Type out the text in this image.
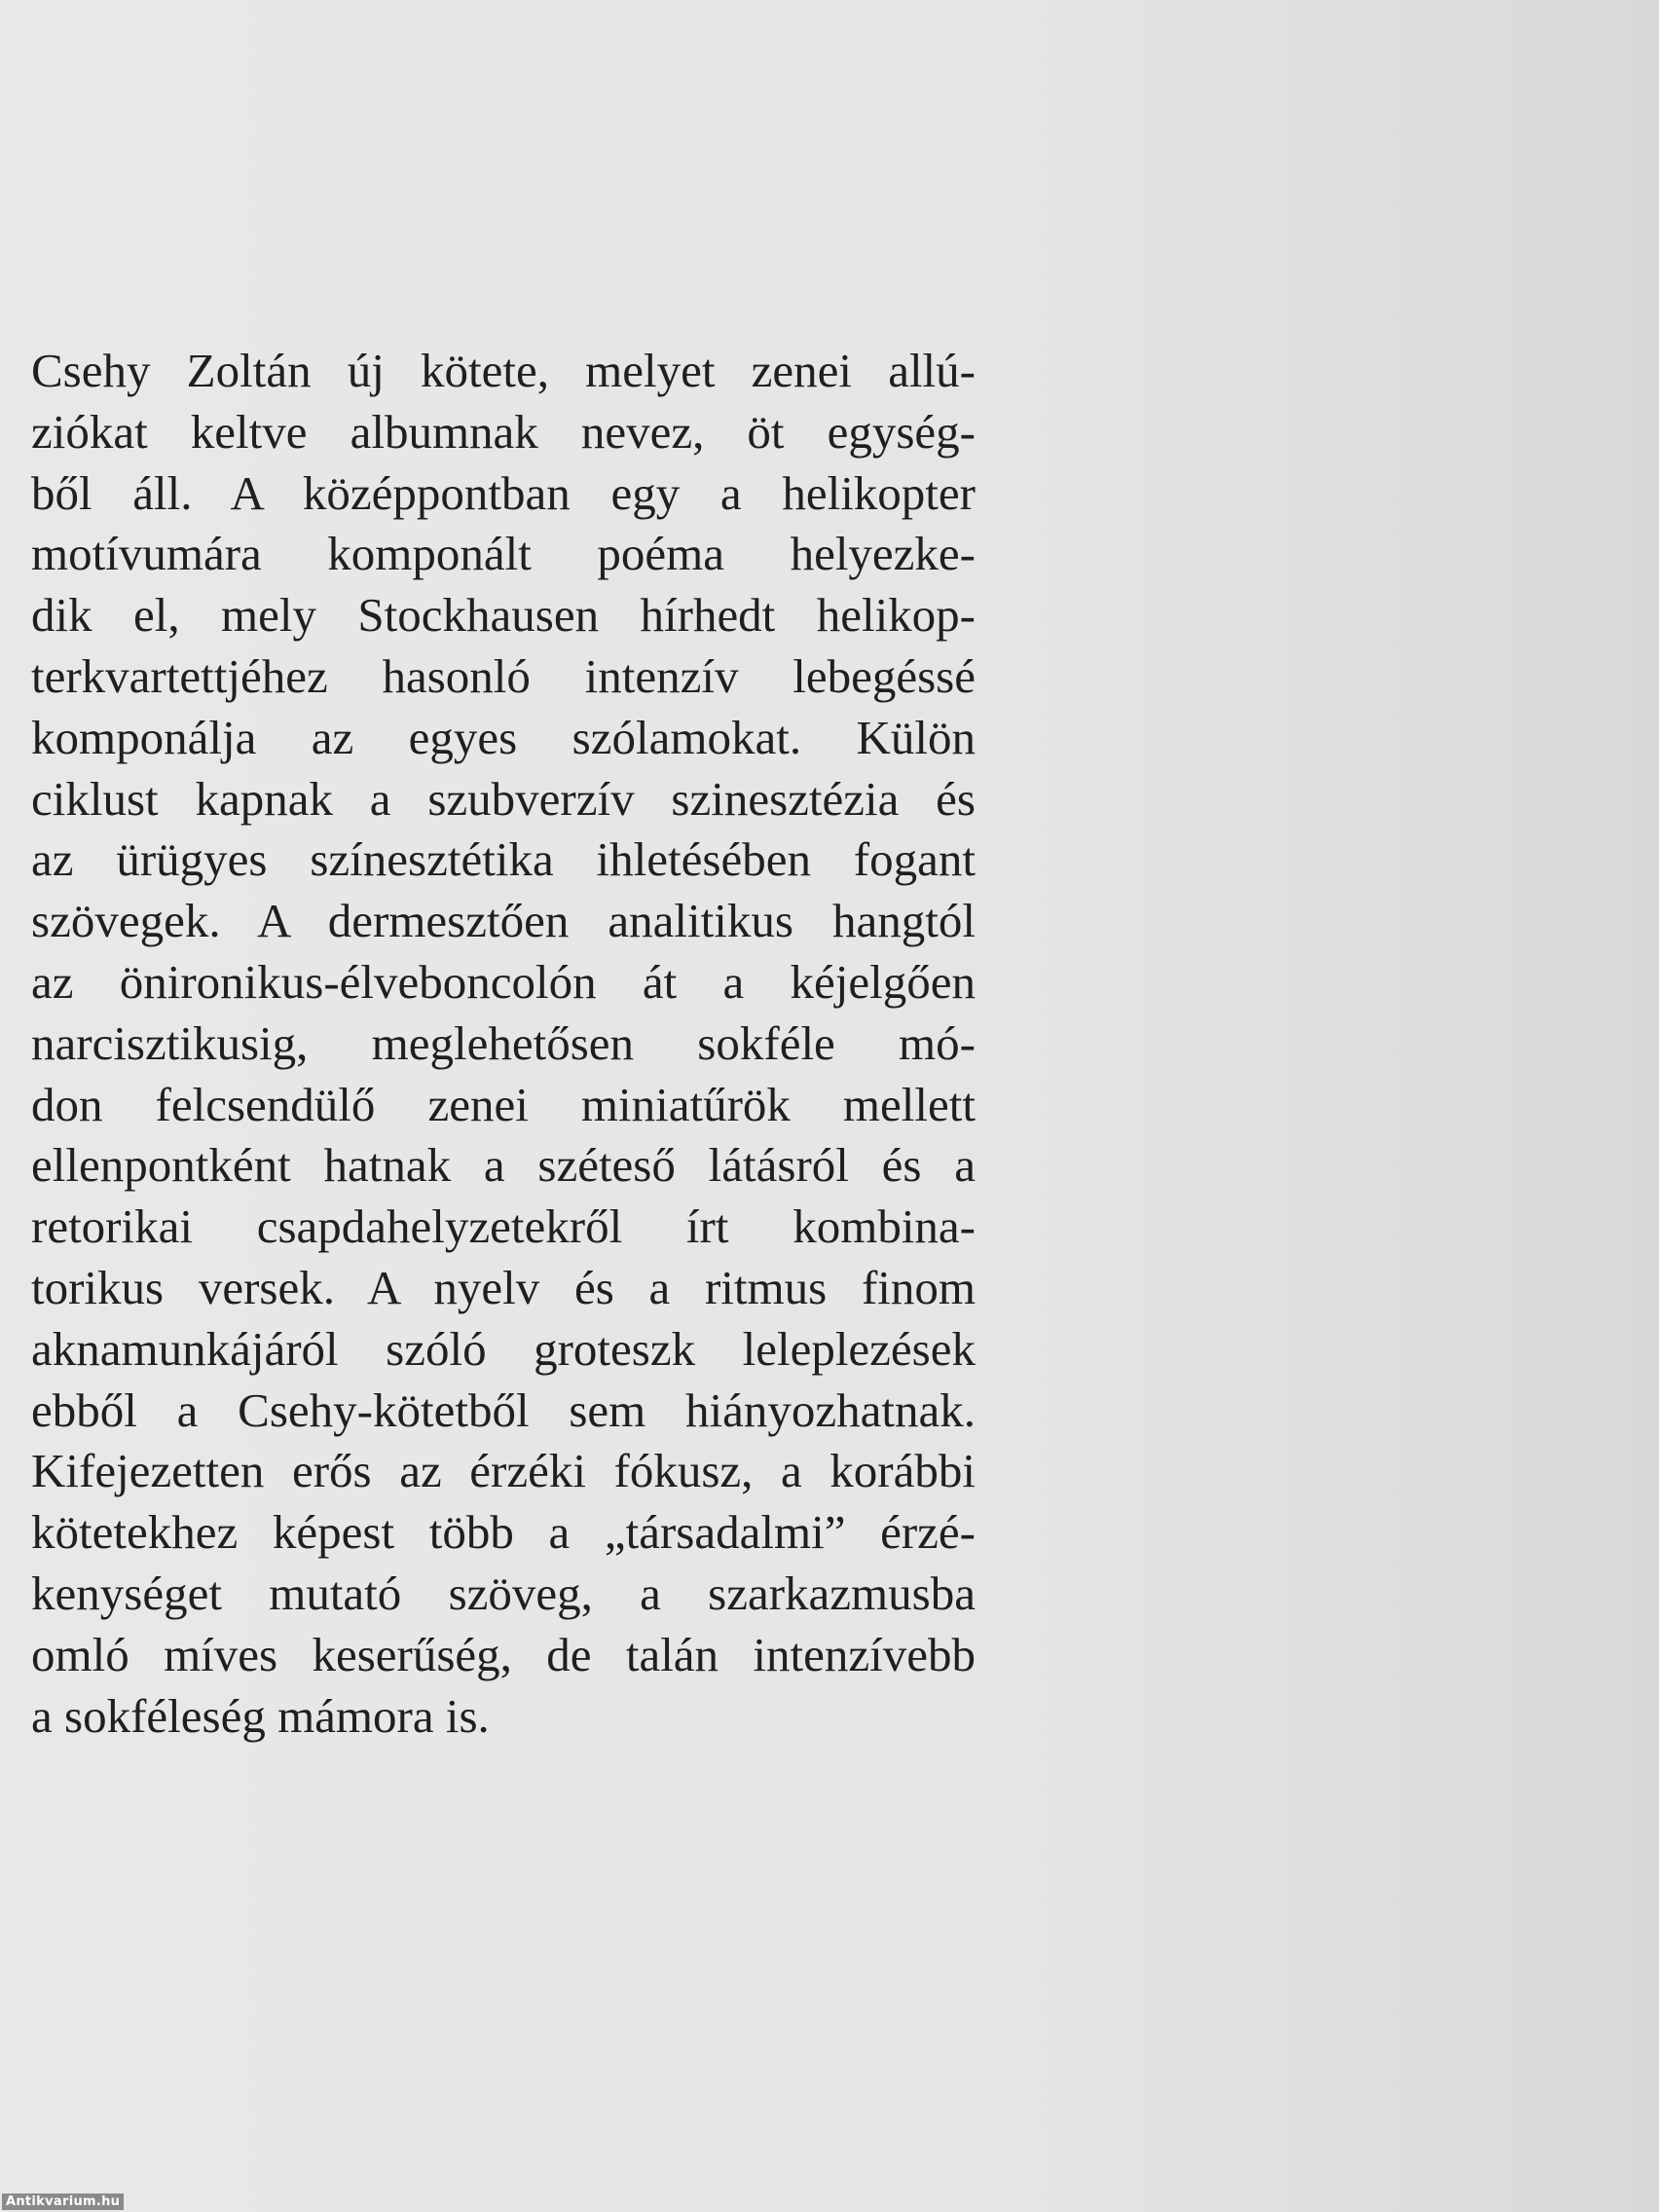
Csehy Zoltán új kötete, melyet zenei allú-
ziókat keltve albumnak nevez, öt egység-
ből áll. A középpontban egy a helikopter
motívumára komponált poéma helyezke-
dik el, mely Stockhausen hírhedt helikop-
terkvartettjéhez hasonló intenzív lebegéssé
komponálja az egyes szólamokat. Külön
ciklust kapnak a szubverzív szinesztézia és
az ürügyes színesztétika ihletésében fogant
szövegek. A dermesztően analitikus hangtól
az önironikus-élveboncolón át a kéjelgően
narcisztikusig, meglehetősen sokféle mó-
don felcsendülő zenei miniatűrök mellett
ellenpontként hatnak a széteső látásról és a
retorikai csapdahelyzetekről írt kombina-
torikus versek. A nyelv és a ritmus finom
aknamunkájáról szóló groteszk leleplezések
ebből a Csehy-kötetből sem hiányozhatnak.
Kifejezetten erős az érzéki fókusz, a korábbi
kötetekhez képest több a „társadalmi” érzé-
kenységet mutató szöveg, a szarkazmusba
omló míves keserűség, de talán intenzívebb
a sokféleség mámora is.
Antikvarium.hu
